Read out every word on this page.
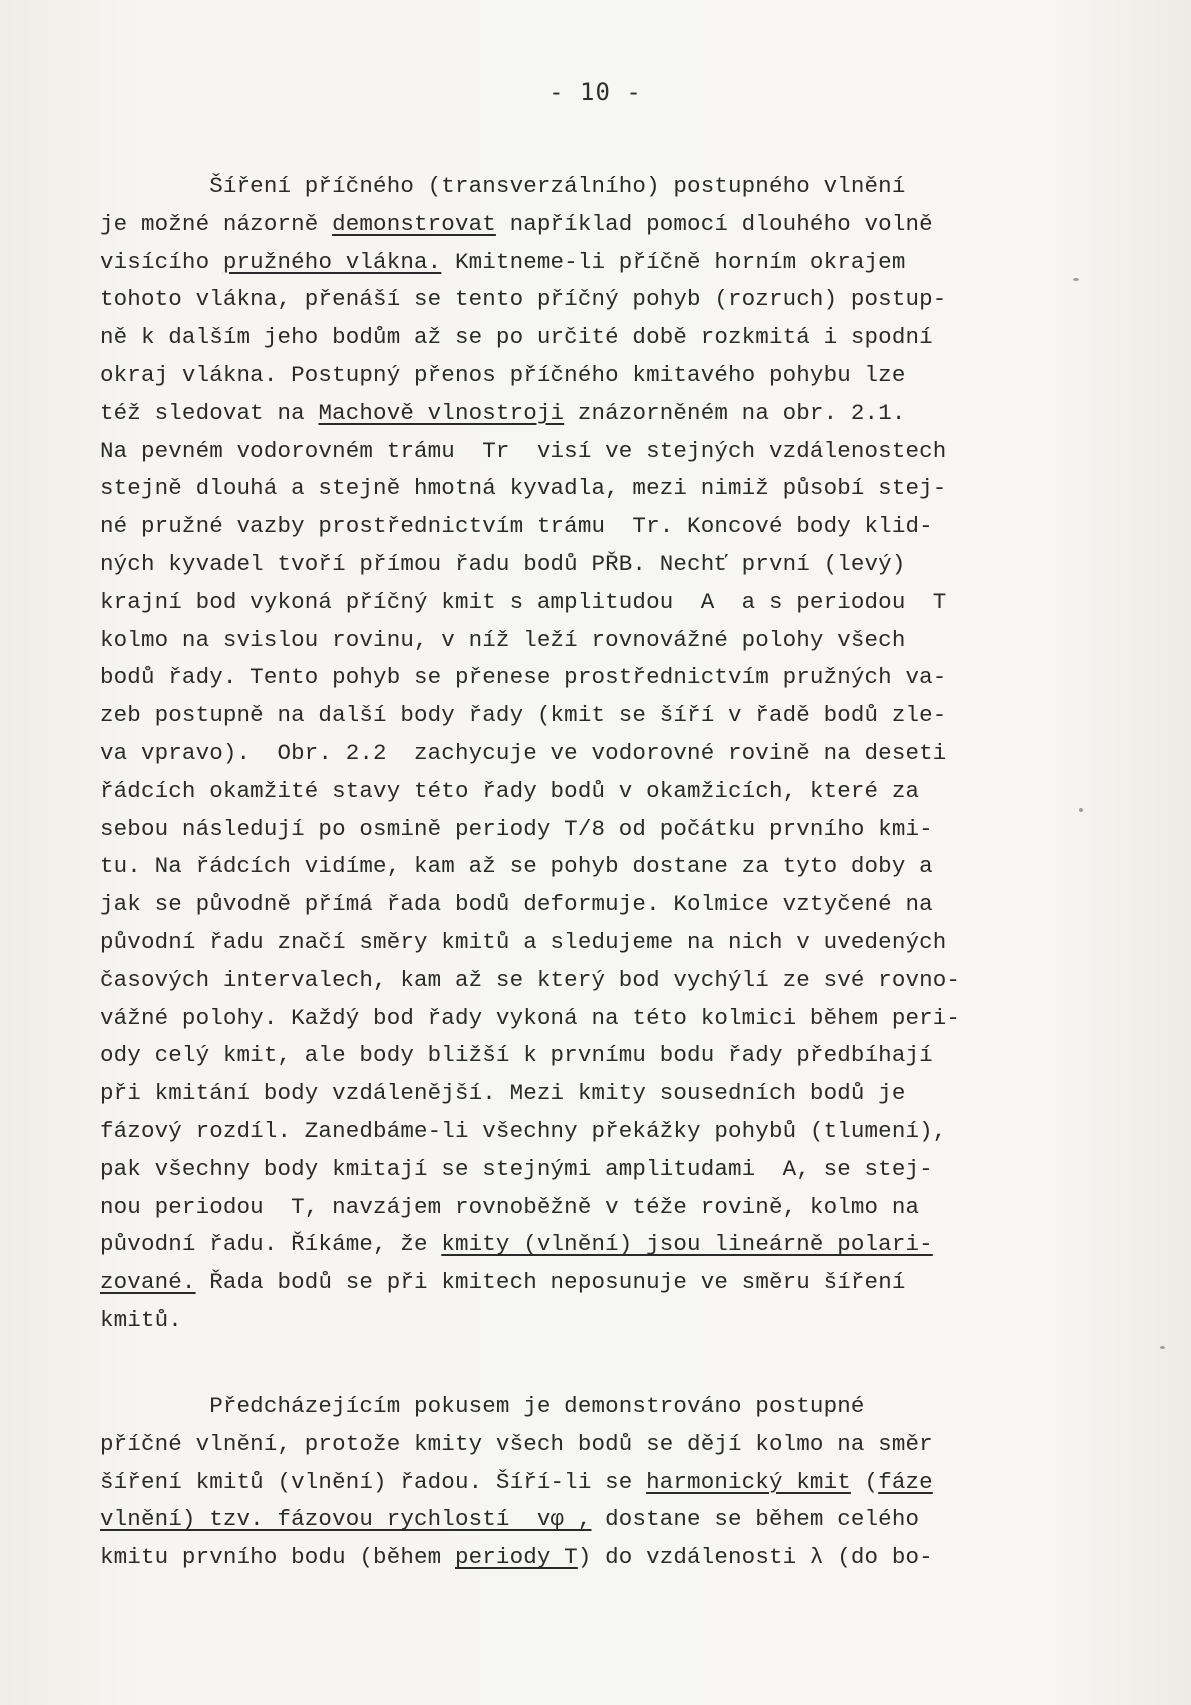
- 10 -
Šíření příčného (transverzálního) postupného vlnění
je možné názorně demonstrovat například pomocí dlouhého volně
visícího pružného vlákna. Kmitneme-li příčně horním okrajem
tohoto vlákna, přenáší se tento příčný pohyb (rozruch) postup-
ně k dalším jeho bodům až se po určité době rozkmitá i spodní
okraj vlákna. Postupný přenos příčného kmitavého pohybu lze
též sledovat na Machově vlnostroji znázorněném na obr. 2.1.
Na pevném vodorovném trámu  Tr  visí ve stejných vzdálenostech
stejně dlouhá a stejně hmotná kyvadla, mezi nimiž působí stej-
né pružné vazby prostřednictvím trámu  Tr. Koncové body klid-
ných kyvadel tvoří přímou řadu bodů PŘB. Nechť první (levý)
krajní bod vykoná příčný kmit s amplitudou  A  a s periodou  T
kolmo na svislou rovinu, v níž leží rovnovážné polohy všech
bodů řady. Tento pohyb se přenese prostřednictvím pružných va-
zeb postupně na další body řady (kmit se šíří v řadě bodů zle-
va vpravo).  Obr. 2.2  zachycuje ve vodorovné rovině na deseti
řádcích okamžité stavy této řady bodů v okamžicích, které za
sebou následují po osmině periody T/8 od počátku prvního kmi-
tu. Na řádcích vidíme, kam až se pohyb dostane za tyto doby a
jak se původně přímá řada bodů deformuje. Kolmice vztyčené na
původní řadu značí směry kmitů a sledujeme na nich v uvedených
časových intervalech, kam až se který bod vychýlí ze své rovno-
vážné polohy. Každý bod řady vykoná na této kolmici během peri-
ody celý kmit, ale body bližší k prvnímu bodu řady předbíhají
při kmitání body vzdálenější. Mezi kmity sousedních bodů je
fázový rozdíl. Zanedbáme-li všechny překážky pohybů (tlumení),
pak všechny body kmitají se stejnými amplitudami  A, se stej-
nou periodou  T, navzájem rovnoběžně v téže rovině, kolmo na
původní řadu. Říkáme, že kmity (vlnění) jsou lineárně polari-
zované. Řada bodů se při kmitech neposunuje ve směru šíření
kmitů.
Předcházejícím pokusem je demonstrováno postupné
příčné vlnění, protože kmity všech bodů se dějí kolmo na směr
šíření kmitů (vlnění) řadou. Šíří-li se harmonický kmit (fáze
vlnění) tzv. fázovou rychlostí  vφ , dostane se během celého
kmitu prvního bodu (během periody T) do vzdálenosti λ (do bo-
